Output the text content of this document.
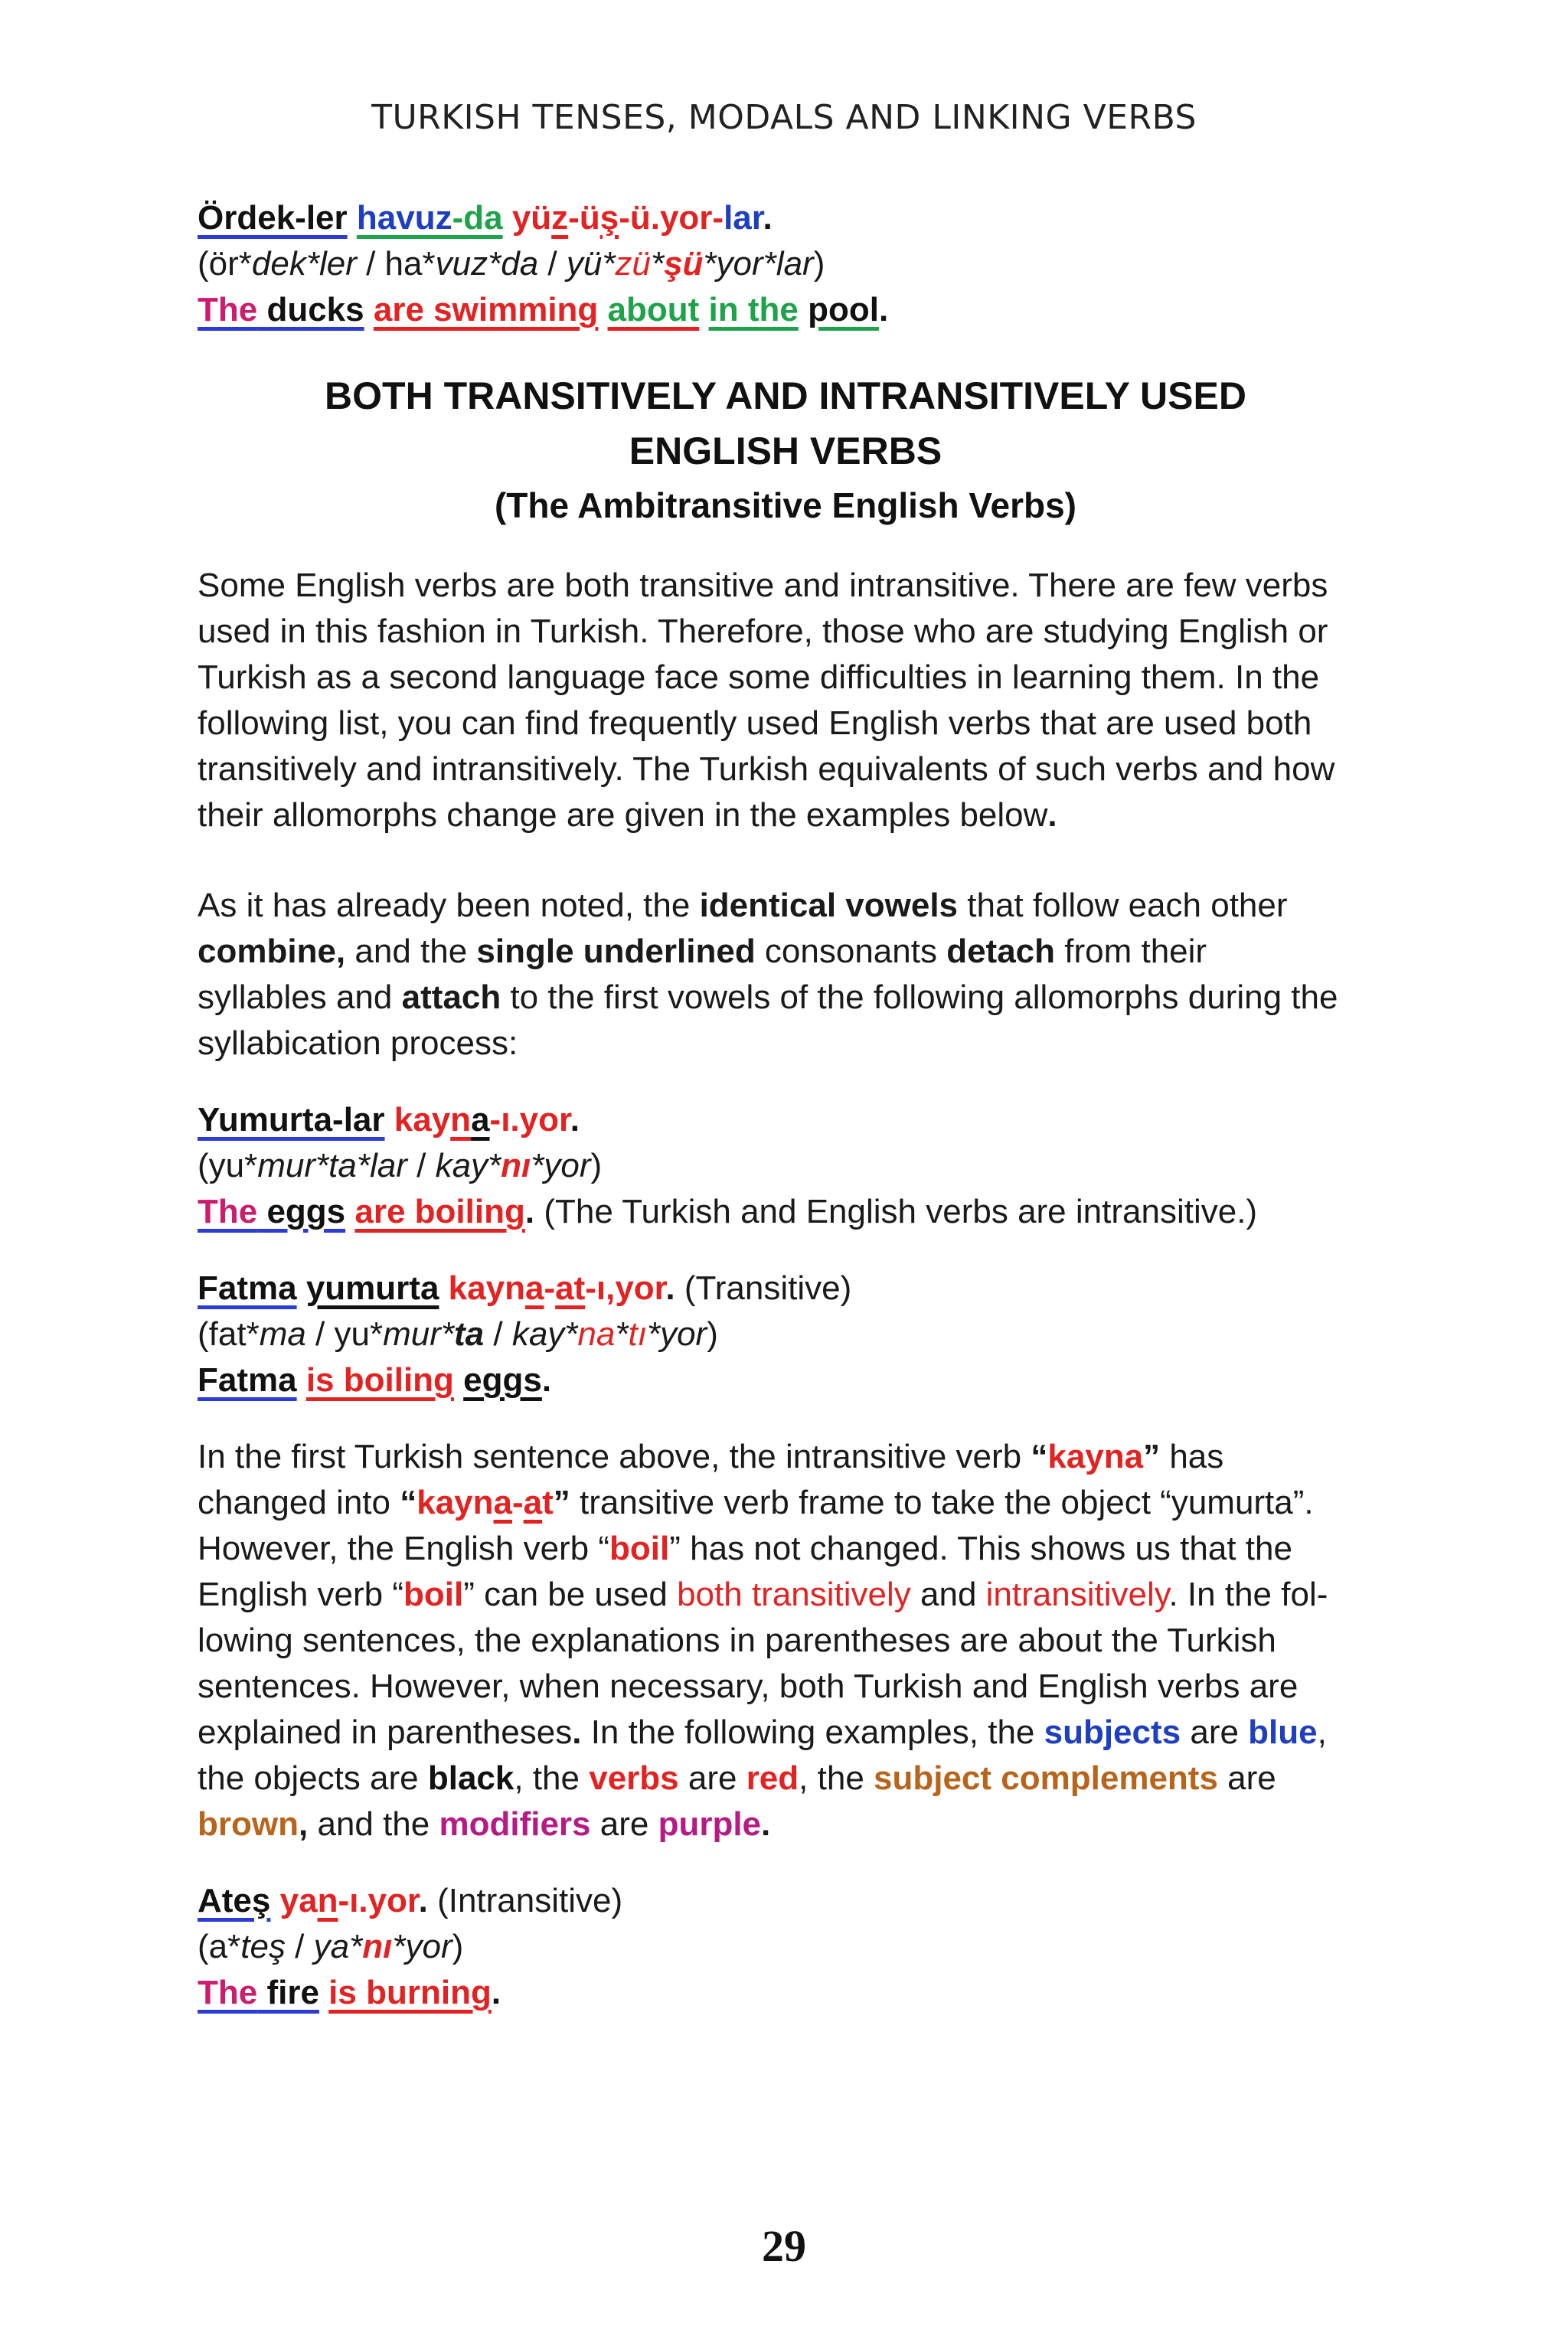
TURKISH TENSES, MODALS AND LINKING VERBS
Ördek-ler havuz-da yüz-üş-ü.yor-lar.
(ör*dek*ler / ha*vuz*da / yü*zü*şü*yor*lar)
The ducks are swimming about in the pool.
BOTH TRANSITIVELY AND INTRANSITIVELY USED
ENGLISH VERBS
(The Ambitransitive English Verbs)
Some English verbs are both transitive and intransitive. There are few verbs
used in this fashion in Turkish. Therefore, those who are studying English or
Turkish as a second language face some difficulties in learning them. In the
following list, you can find frequently used English verbs that are used both
transitively and intransitively. The Turkish equivalents of such verbs and how
their allomorphs change are given in the examples below.
As it has already been noted, the identical vowels that follow each other
combine, and the single underlined consonants detach from their
syllables and attach to the first vowels of the following allomorphs during the
syllabication process:
Yumurta-lar kayna-ı.yor.
(yu*mur*ta*lar / kay*nı*yor)
The eggs are boiling. (The Turkish and English verbs are intransitive.)
Fatma yumurta kayna-at-ı,yor. (Transitive)
(fat*ma / yu*mur*ta / kay*na*tı*yor)
Fatma is boiling eggs.
In the first Turkish sentence above, the intransitive verb “kayna” has
changed into “kayna-at” transitive verb frame to take the object “yumurta”.
However, the English verb “boil” has not changed. This shows us that the
English verb “boil” can be used both transitively and intransitively. In the fol-
lowing sentences, the explanations in parentheses are about the Turkish
sentences. However, when necessary, both Turkish and English verbs are
explained in parentheses. In the following examples, the subjects are blue,
the objects are black, the verbs are red, the subject complements are
brown, and the modifiers are purple.
Ateş yan-ı.yor. (Intransitive)
(a*teş / ya*nı*yor)
The fire is burning.
29
